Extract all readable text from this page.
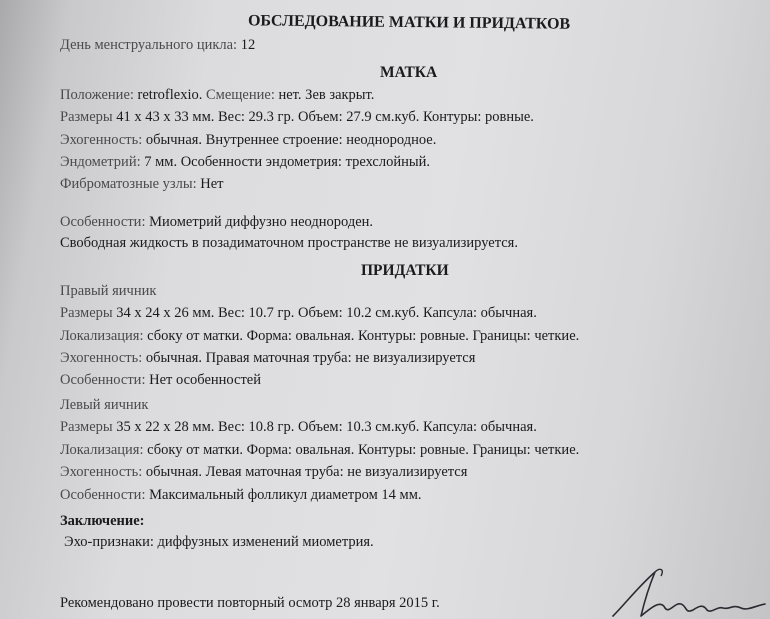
ОБСЛЕДОВАНИЕ МАТКИ И ПРИДАТКОВ
День менструального цикла: 12
МАТКА
Положение: retroflexio. Смещение: нет. Зев закрыт.
Размеры 41 x 43 x 33 мм. Вес: 29.3 гр. Объем: 27.9 см.куб. Контуры: ровные.
Эхогенность: обычная. Внутреннее строение: неоднородное.
Эндометрий: 7 мм. Особенности эндометрия: трехслойный.
Фиброматозные узлы: Нет
Особенности: Миометрий диффузно неоднороден.
Свободная жидкость в позадиматочном пространстве не визуализируется.
ПРИДАТКИ
Правый яичник
Размеры 34 x 24 x 26 мм. Вес: 10.7 гр. Объем: 10.2 см.куб. Капсула: обычная.
Локализация: сбоку от матки. Форма: овальная. Контуры: ровные. Границы: четкие.
Эхогенность: обычная. Правая маточная труба: не визуализируется
Особенности: Нет особенностей
Левый яичник
Размеры 35 x 22 x 28 мм. Вес: 10.8 гр. Объем: 10.3 см.куб. Капсула: обычная.
Локализация: сбоку от матки. Форма: овальная. Контуры: ровные. Границы: четкие.
Эхогенность: обычная. Левая маточная труба: не визуализируется
Особенности: Максимальный фолликул диаметром 14 мм.
Заключение:
Эхо-признаки: диффузных изменений миометрия.
Рекомендовано провести повторный осмотр 28 января 2015 г.
